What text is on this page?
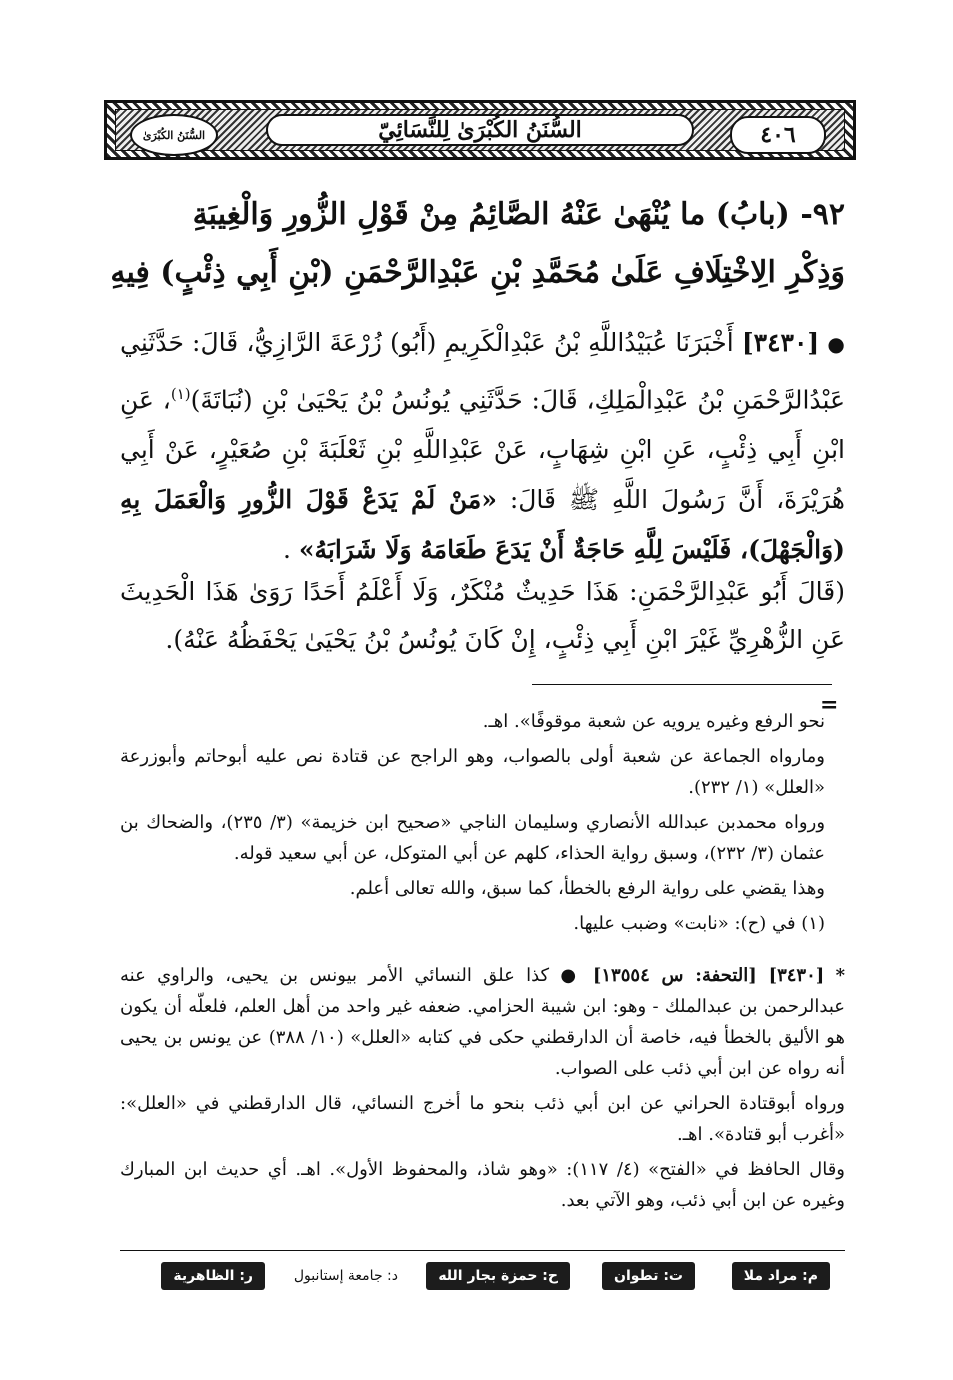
٤٠٦
السُّنَنُ الكُبْرَىٰ لِلنَّسَائِيّ
السُّنَنُ الكُبْرَىٰ
٩٢- (بابُ) ما يُنْهَىٰ عَنْهُ الصَّائِمُ مِنْ قَوْلِ الزُّورِ وَالْغِيبَةِ
وَذِكْرِ الِاخْتِلَافِ عَلَىٰ مُحَمَّدِ بْنِ عَبْدِالرَّحْمَنِ (بْنِ أَبِي ذِئْبٍ) فِيهِ
● [٣٤٣٠] أَخْبَرَنَا عُبَيْدُاللَّهِ بْنُ عَبْدِالْكَرِيمِ (أَبُو) زُرْعَةَ الرَّازِيُّ، قَالَ: حَدَّثَنِي عَبْدُالرَّحْمَنِ بْنُ عَبْدِالْمَلِكِ، قَالَ: حَدَّثَنِي يُونُسُ بْنُ يَحْيَىٰ بْنِ (نُبَاتَةَ)$^{(١)}$، عَنِ ابْنِ أَبِي ذِئْبٍ، عَنِ ابْنِ شِهَابٍ، عَنْ عَبْدِاللَّهِ بْنِ ثَعْلَبَةَ بْنِ صُعَيْرٍ، عَنْ أَبِي هُرَيْرَةَ، أَنَّ رَسُولَ اللَّهِ ﷺ قَالَ: «مَنْ لَمْ يَدَعْ قَوْلَ الزُّورِ وَالْعَمَلَ بِهِ (وَالْجَهْلَ)، فَلَيْسَ لِلَّهِ حَاجَةٌ أَنْ يَدَعَ طَعَامَهُ وَلَا شَرَابَهُ» .
(قَالَ أَبُو عَبْدِالرَّحْمَنِ: هَذَا حَدِيثٌ مُنْكَرٌ، وَلَا أَعْلَمُ أَحَدًا رَوَىٰ هَذَا الْحَدِيثَ عَنِ الزُّهْرِيِّ غَيْرَ ابْنِ أَبِي ذِئْبٍ، إِنْ كَانَ يُونُسُ بْنُ يَحْيَىٰ يَحْفَظُهُ عَنْهُ).
=

نحو الرفع وغيره يرويه عن شعبة موقوفًا». اهـ.

ومارواه الجماعة عن شعبة أولى بالصواب، وهو الراجح عن قتادة نص عليه أبوحاتم وأبوزرعة «العلل» (١/ ٢٣٢).

ورواه محمدبن عبدالله الأنصاري وسليمان الناجي «صحيح ابن خزيمة» (٣/ ٢٣٥)، والضحاك بن عثمان (٣/ ٢٣٢)، وسبق رواية الحذاء، كلهم عن أبي المتوكل، عن أبي سعيد قوله.

وهذا يقضي على رواية الرفع بالخطأ، كما سبق، والله تعالى أعلم.

(١) في (ح): «نابت» وضبب عليها.

* [٣٤٣٠] [التحفة: س ١٣٥٥٤] ● كذا علق النسائي الأمر بيونس بن يحيى، والراوي عنه عبدالرحمن بن عبدالملك - وهو: ابن شيبة الحزامي. ضعفه غير واحد من أهل العلم، فلعلّه أن يكون هو الأليق بالخطأ فيه، خاصة أن الدارقطني حكى في كتابه «العلل» (١٠/ ٣٨٨) عن يونس بن يحيى أنه رواه عن ابن أبي ذئب على الصواب.

ورواه أبوقتادة الحراني عن ابن أبي ذئب بنحو ما أخرج النسائي، قال الدارقطني في «العلل»: «أغرب أبو قتادة». اهـ.

وقال الحافظ في «الفتح» (٤/ ١١٧): «وهو شاذ، والمحفوظ الأول». اهـ. أي حديث ابن المبارك وغيره عن ابن أبي ذئب، وهو الآتي بعد.

م: مراد ملا
ت: تطوان
ح: حمزة بجار الله
د: جامعة إستانبول
ر: الظاهرية
